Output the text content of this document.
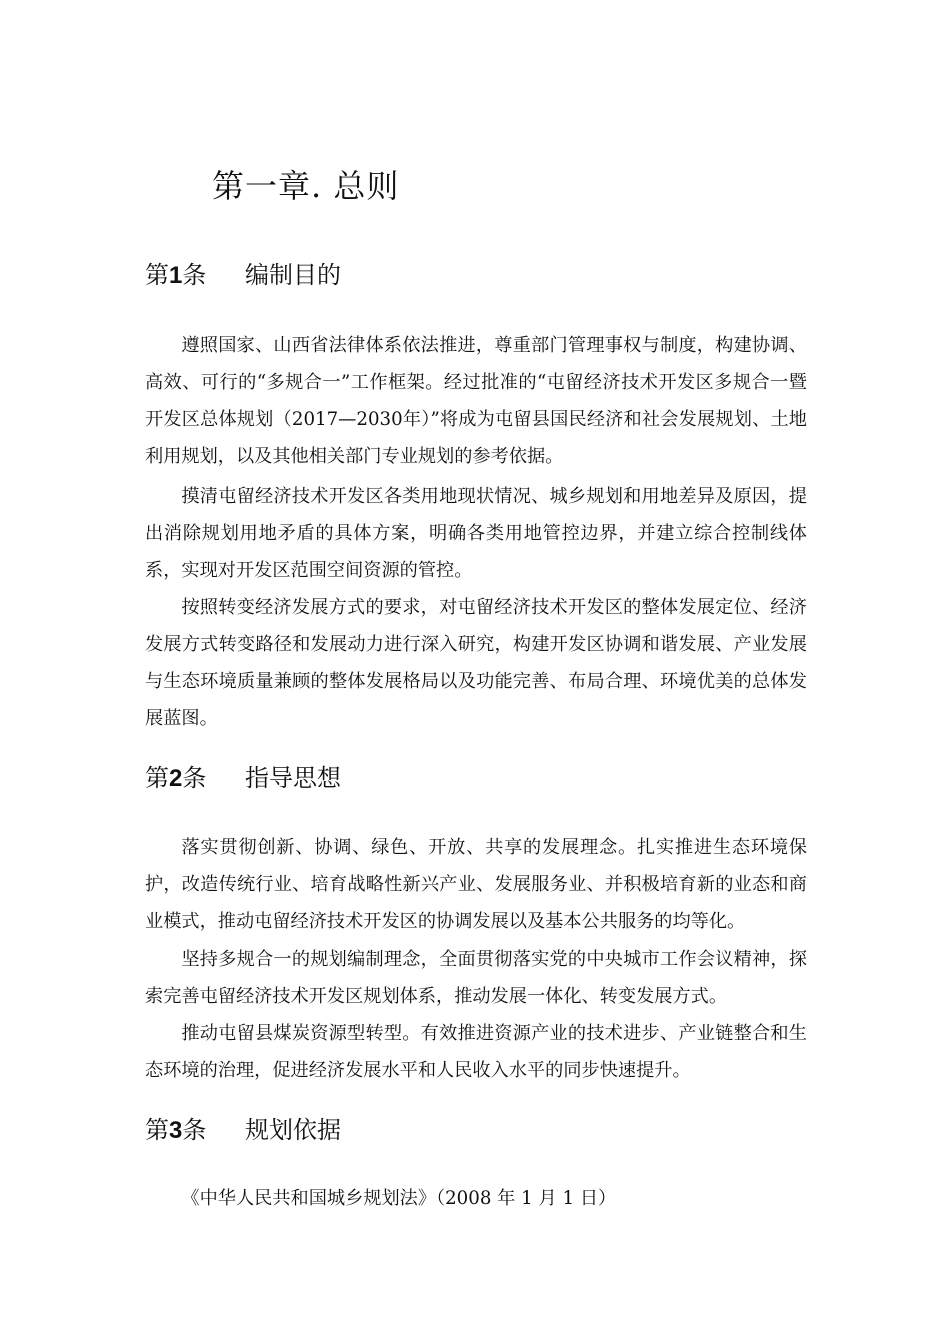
第一章. 总则
第1条 编制目的

遵照国家、山西省法律体系依法推进，尊重部门管理事权与制度，构建协调、高效、可行的“多规合一”工作框架。经过批准的“屯留经济技术开发区多规合一暨开发区总体规划（2017—2030年）”将成为屯留县国民经济和社会发展规划、土地利用规划，以及其他相关部门专业规划的参考依据。

摸清屯留经济技术开发区各类用地现状情况、城乡规划和用地差异及原因，提出消除规划用地矛盾的具体方案，明确各类用地管控边界，并建立综合控制线体系，实现对开发区范围空间资源的管控。

按照转变经济发展方式的要求，对屯留经济技术开发区的整体发展定位、经济发展方式转变路径和发展动力进行深入研究，构建开发区协调和谐发展、产业发展与生态环境质量兼顾的整体发展格局以及功能完善、布局合理、环境优美的总体发展蓝图。

第2条 指导思想

落实贯彻创新、协调、绿色、开放、共享的发展理念。扎实推进生态环境保护，改造传统行业、培育战略性新兴产业、发展服务业、并积极培育新的业态和商业模式，推动屯留经济技术开发区的协调发展以及基本公共服务的均等化。

坚持多规合一的规划编制理念，全面贯彻落实党的中央城市工作会议精神，探索完善屯留经济技术开发区规划体系，推动发展一体化、转变发展方式。

推动屯留县煤炭资源型转型。有效推进资源产业的技术进步、产业链整合和生态环境的治理，促进经济发展水平和人民收入水平的同步快速提升。

第3条 规划依据

《中华人民共和国城乡规划法》（2008 年 1 月 1 日）
